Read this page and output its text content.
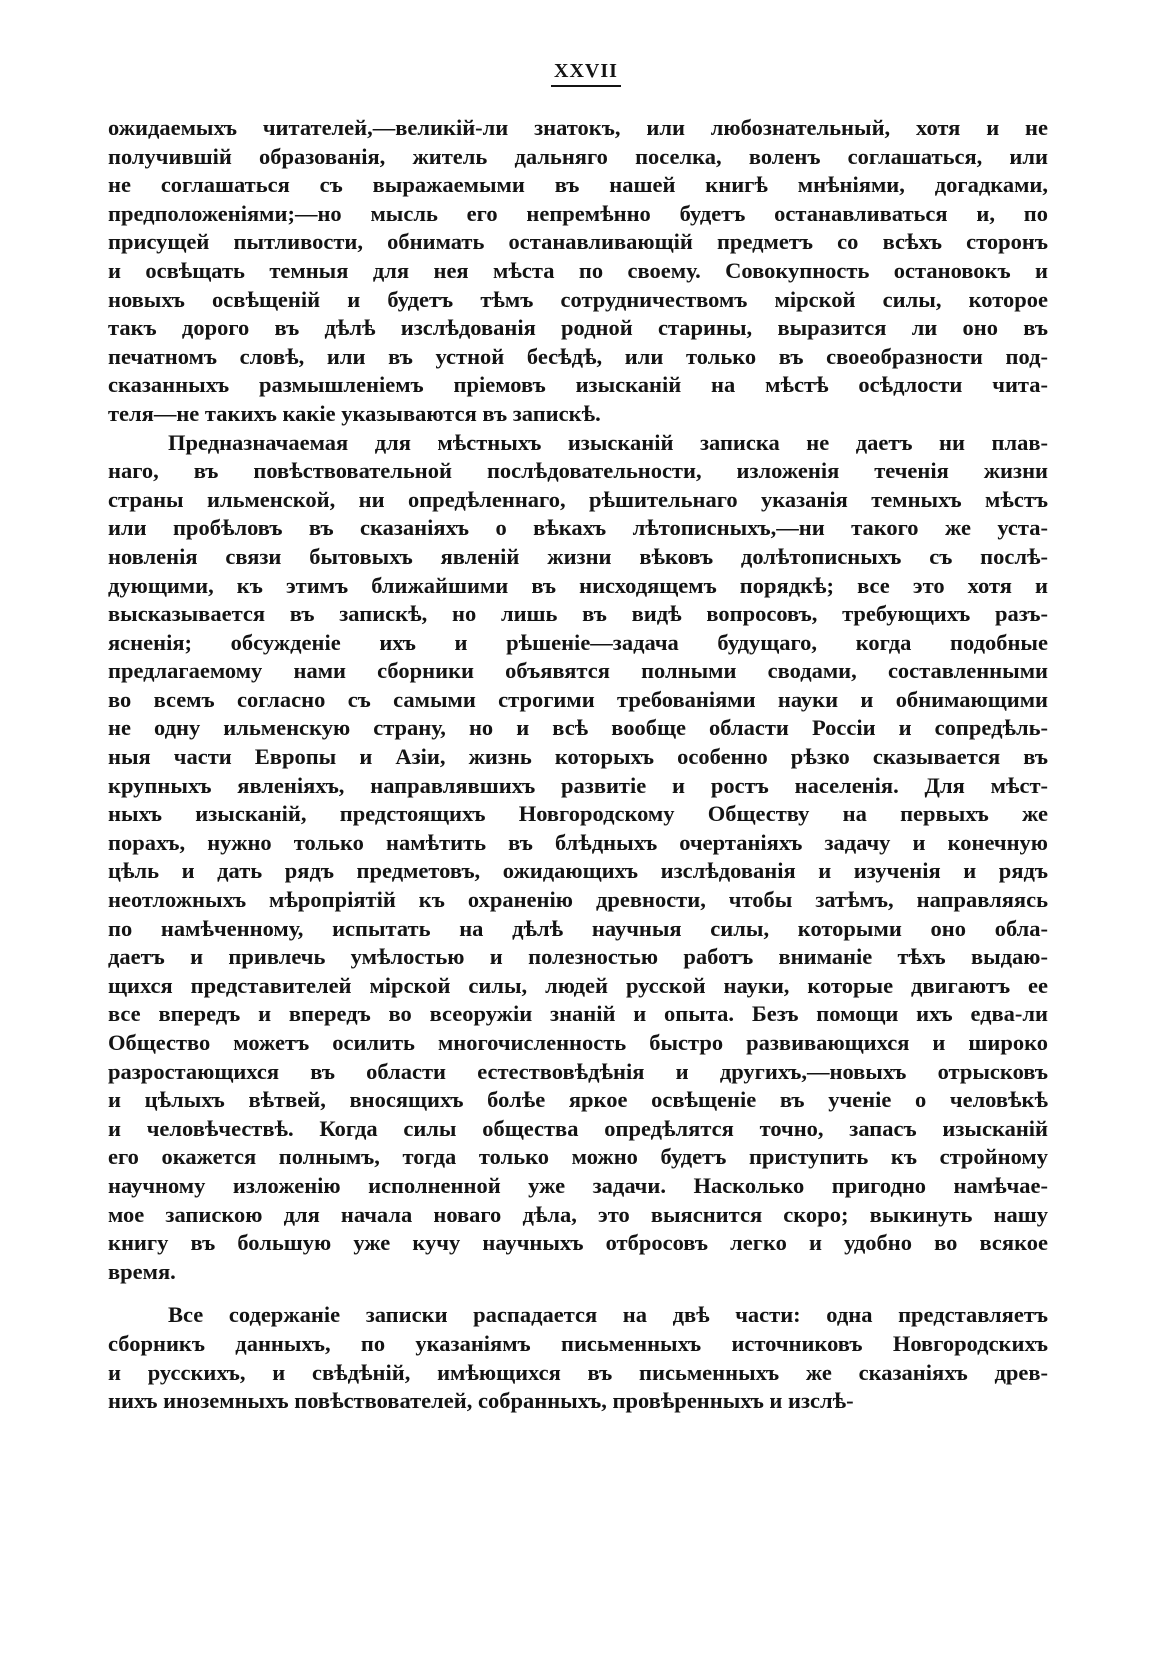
XXVII
ожидаемыхъ читателей,—великій-ли знатокъ, или любознательный, хотя и не
получившій образованія, житель дальняго поселка, воленъ соглашаться, или
не соглашаться съ выражаемыми въ нашей книгѣ мнѣніями, догадками,
предположеніями;—но мысль его непремѣнно будетъ останавливаться и, по
присущей пытливости, обнимать останавливающій предметъ со всѣхъ сторонъ
и освѣщать темныя для нея мѣста по своему. Совокупность остановокъ и
новыхъ освѣщеній и будетъ тѣмъ сотрудничествомъ мірской силы, которое
такъ дорого въ дѣлѣ изслѣдованія родной старины, выразится ли оно въ
печатномъ словѣ, или въ устной бесѣдѣ, или только въ своеобразности под-
сказанныхъ размышленіемъ пріемовъ изысканій на мѣстѣ осѣдлости чита-
теля—не такихъ какіе указываются въ запискѣ.
Предназначаемая для мѣстныхъ изысканій записка не даетъ ни плав-
наго, въ повѣствовательной послѣдовательности, изложенія теченія жизни
страны ильменской, ни опредѣленнаго, рѣшительнаго указанія темныхъ мѣстъ
или пробѣловъ въ сказаніяхъ о вѣкахъ лѣтописныхъ,—ни такого же уста-
новленія связи бытовыхъ явленій жизни вѣковъ долѣтописныхъ съ послѣ-
дующими, къ этимъ ближайшими въ нисходящемъ порядкѣ; все это хотя и
высказывается въ запискѣ, но лишь въ видѣ вопросовъ, требующихъ разъ-
ясненія; обсужденіе ихъ и рѣшеніе—задача будущаго, когда подобные
предлагаемому нами сборники объявятся полными сводами, составленными
во всемъ согласно съ самыми строгими требованіями науки и обнимающими
не одну ильменскую страну, но и всѣ вообще области Россіи и сопредѣль-
ныя части Европы и Азіи, жизнь которыхъ особенно рѣзко сказывается въ
крупныхъ явленіяхъ, направлявшихъ развитіе и ростъ населенія. Для мѣст-
ныхъ изысканій, предстоящихъ Новгородскому Обществу на первыхъ же
порахъ, нужно только намѣтить въ блѣдныхъ очертаніяхъ задачу и конечную
цѣль и дать рядъ предметовъ, ожидающихъ изслѣдованія и изученія и рядъ
неотложныхъ мѣропріятій къ охраненію древности, чтобы затѣмъ, направляясь
по намѣченному, испытать на дѣлѣ научныя силы, которыми оно обла-
даетъ и привлечь умѣлостью и полезностью работъ вниманіе тѣхъ выдаю-
щихся представителей мірской силы, людей русской науки, которые двигаютъ ее
все впередъ и впередъ во всеоружіи знаній и опыта. Безъ помощи ихъ едва-ли
Общество можетъ осилить многочисленность быстро развивающихся и широко
разростающихся въ области естествовѣдѣнія и другихъ,—новыхъ отрысковъ
и цѣлыхъ вѣтвей, вносящихъ болѣе яркое освѣщеніе въ ученіе о человѣкѣ
и человѣчествѣ. Когда силы общества опредѣлятся точно, запасъ изысканій
его окажется полнымъ, тогда только можно будетъ приступить къ стройному
научному изложенію исполненной уже задачи. Насколько пригодно намѣчае-
мое запискою для начала новаго дѣла, это выяснится скоро; выкинуть нашу
книгу въ большую уже кучу научныхъ отбросовъ легко и удобно во всякое
время.
Все содержаніе записки распадается на двѣ части: одна представляетъ
сборникъ данныхъ, по указаніямъ письменныхъ источниковъ Новгородскихъ
и русскихъ, и свѣдѣній, имѣющихся въ письменныхъ же сказаніяхъ древ-
нихъ иноземныхъ повѣствователей, собранныхъ, провѣренныхъ и изслѣ-
